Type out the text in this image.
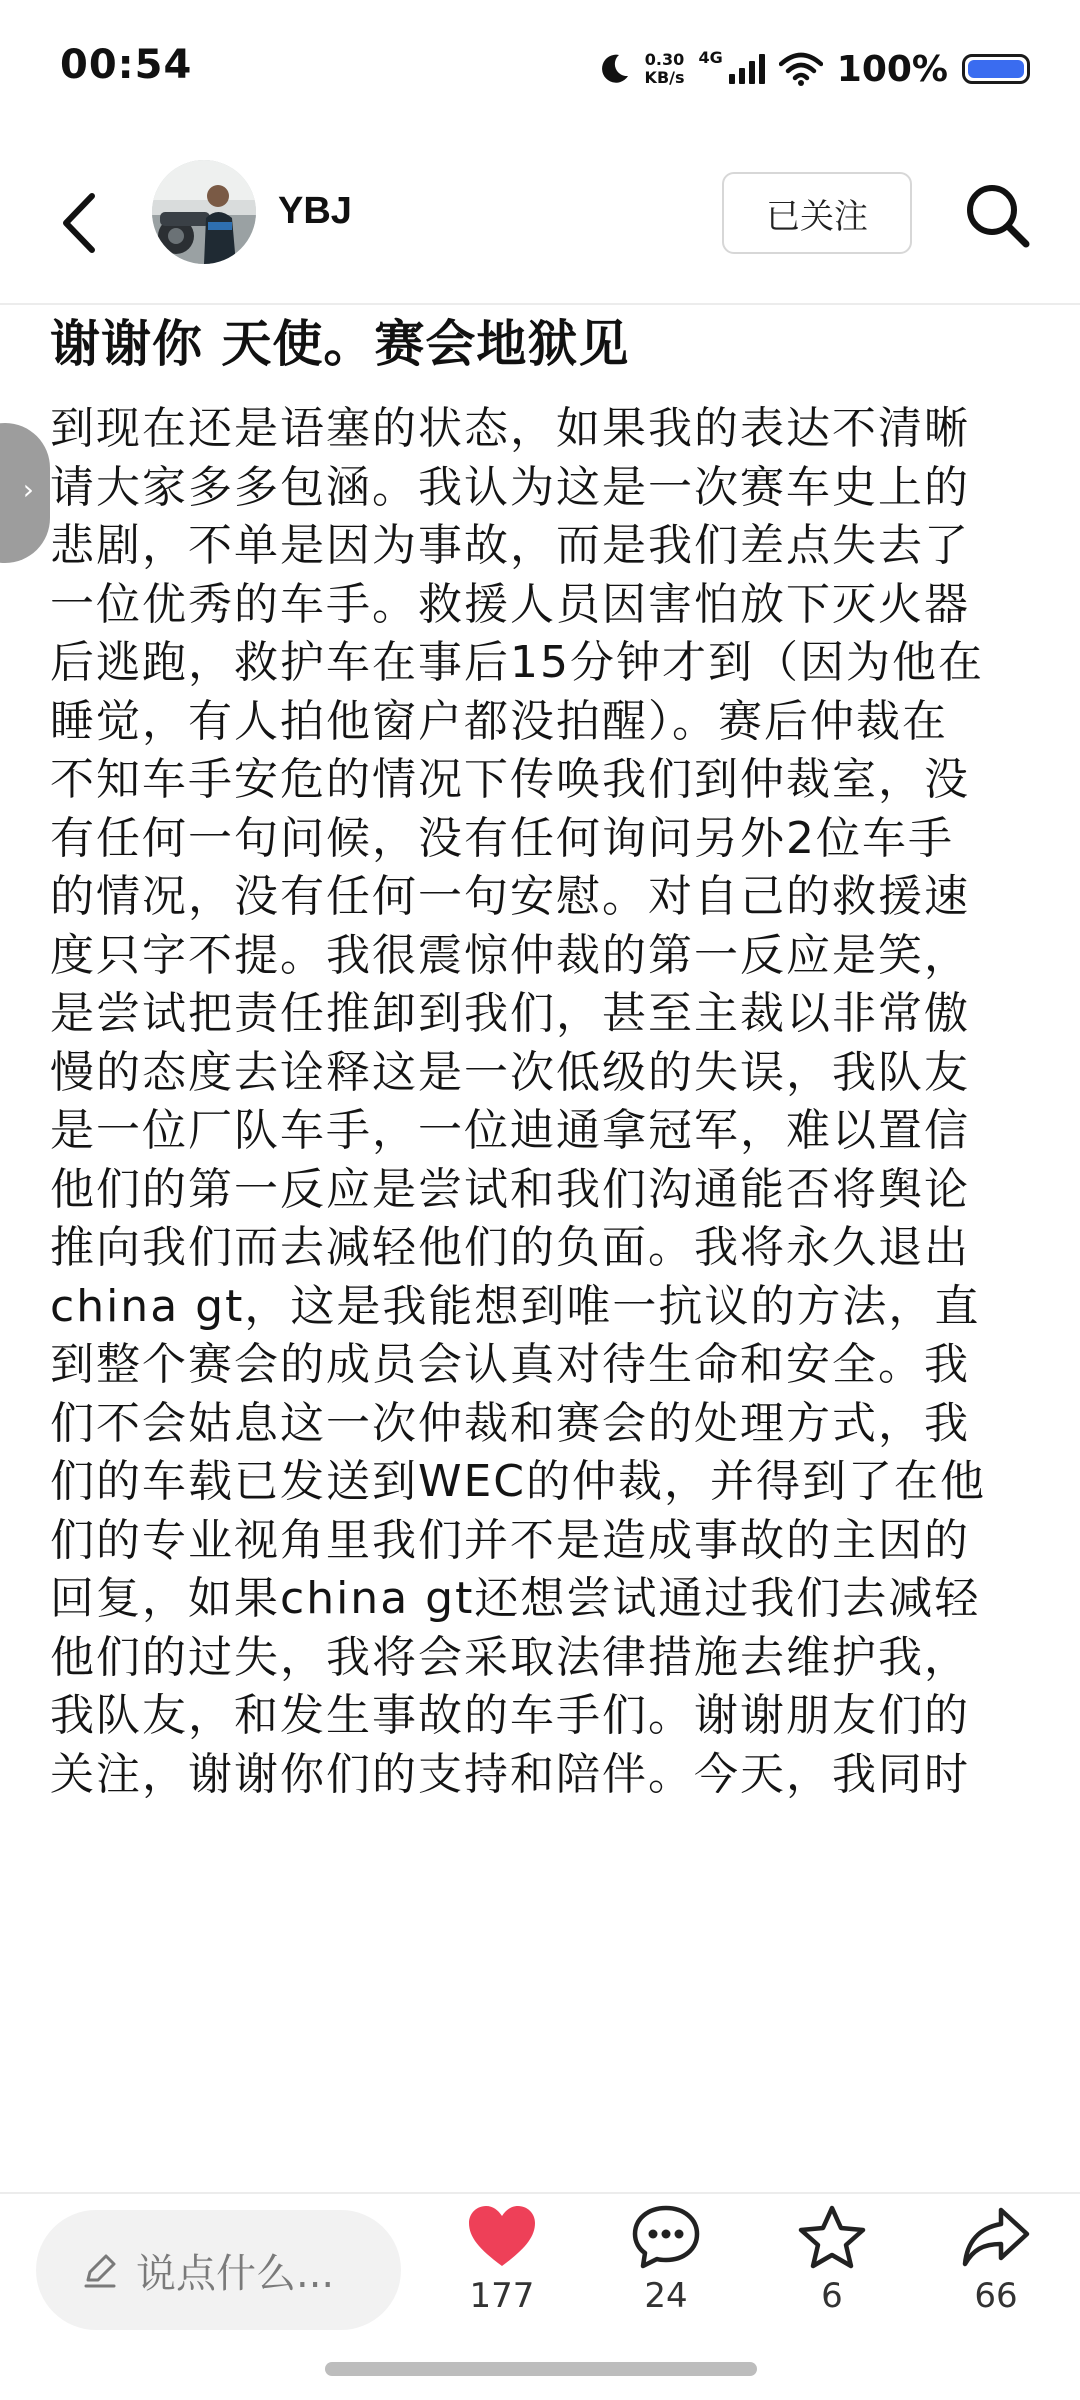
00:54	0.30
KB/s
4G	100%
YBJ	已关注
谢谢你 天使。赛会地狱见
到现在还是语塞的状态，如果我的表达不清晰
请大家多多包涵。我认为这是一次赛车史上的
悲剧，不单是因为事故，而是我们差点失去了
一位优秀的车手。救援人员因害怕放下灭火器
后逃跑，救护车在事后15分钟才到（因为他在
睡觉，有人拍他窗户都没拍醒）。赛后仲裁在
不知车手安危的情况下传唤我们到仲裁室，没
有任何一句问候，没有任何询问另外2位车手
的情况，没有任何一句安慰。对自己的救援速
度只字不提。我很震惊仲裁的第一反应是笑，
是尝试把责任推卸到我们，甚至主裁以非常傲
慢的态度去诠释这是一次低级的失误，我队友
是一位厂队车手，一位迪通拿冠军，难以置信
他们的第一反应是尝试和我们沟通能否将舆论
推向我们而去减轻他们的负面。我将永久退出
china gt，这是我能想到唯一抗议的方法，直
到整个赛会的成员会认真对待生命和安全。我
们不会姑息这一次仲裁和赛会的处理方式，我
们的车载已发送到WEC的仲裁，并得到了在他
们的专业视角里我们并不是造成事故的主因的
回复，如果china gt还想尝试通过我们去减轻
他们的过失，我将会采取法律措施去维护我，
我队友，和发生事故的车手们。谢谢朋友们的
关注，谢谢你们的支持和陪伴。今天，我同时
›
说点什么...	177	24	6	66
